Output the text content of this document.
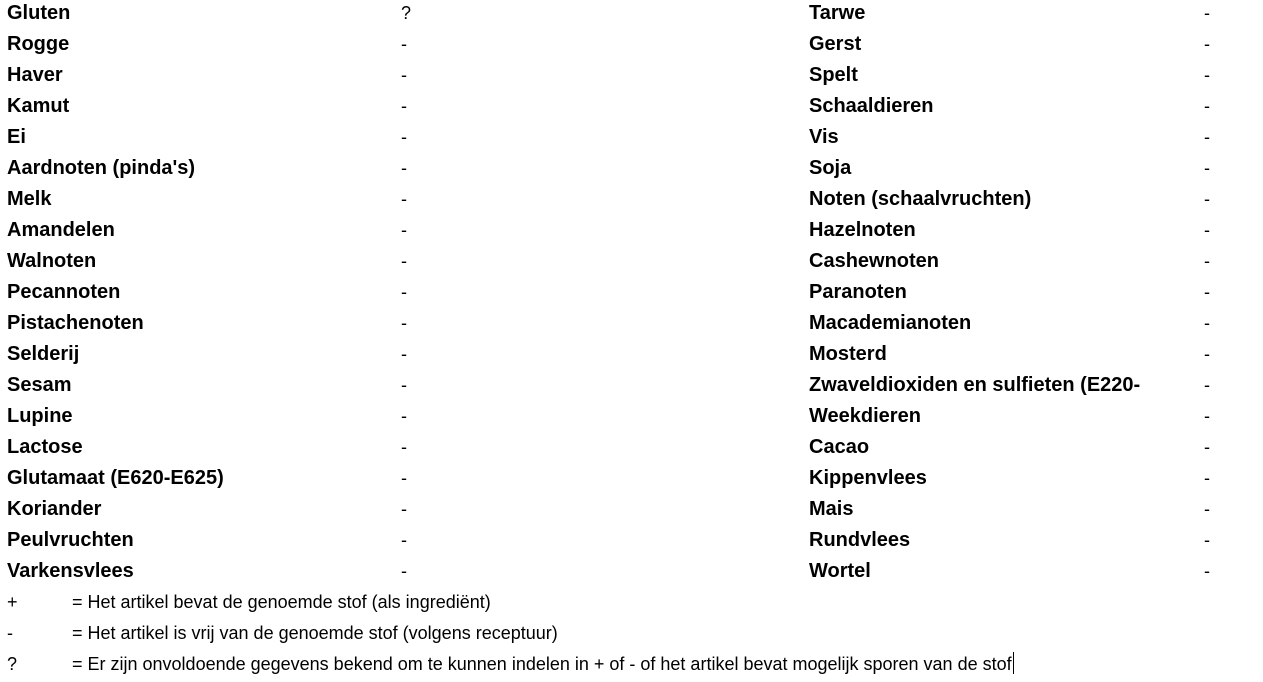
Gluten	?	Tarwe	-
Rogge	-	Gerst	-
Haver	-	Spelt	-
Kamut	-	Schaaldieren	-
Ei	-	Vis	-
Aardnoten (pinda's)	-	Soja	-
Melk	-	Noten (schaalvruchten)	-
Amandelen	-	Hazelnoten	-
Walnoten	-	Cashewnoten	-
Pecannoten	-	Paranoten	-
Pistachenoten	-	Macademianoten	-
Selderij	-	Mosterd	-
Sesam	-	Zwaveldioxiden en sulfieten (E220-	-
Lupine	-	Weekdieren	-
Lactose	-	Cacao	-
Glutamaat (E620-E625)	-	Kippenvlees	-
Koriander	-	Mais	-
Peulvruchten	-	Rundvlees	-
Varkensvlees	-	Wortel	-
+	= Het artikel bevat de genoemde stof (als ingrediënt)
-	= Het artikel is vrij van de genoemde stof (volgens receptuur)
?	= Er zijn onvoldoende gegevens bekend om te kunnen indelen in + of - of het artikel bevat mogelijk sporen van de stof
